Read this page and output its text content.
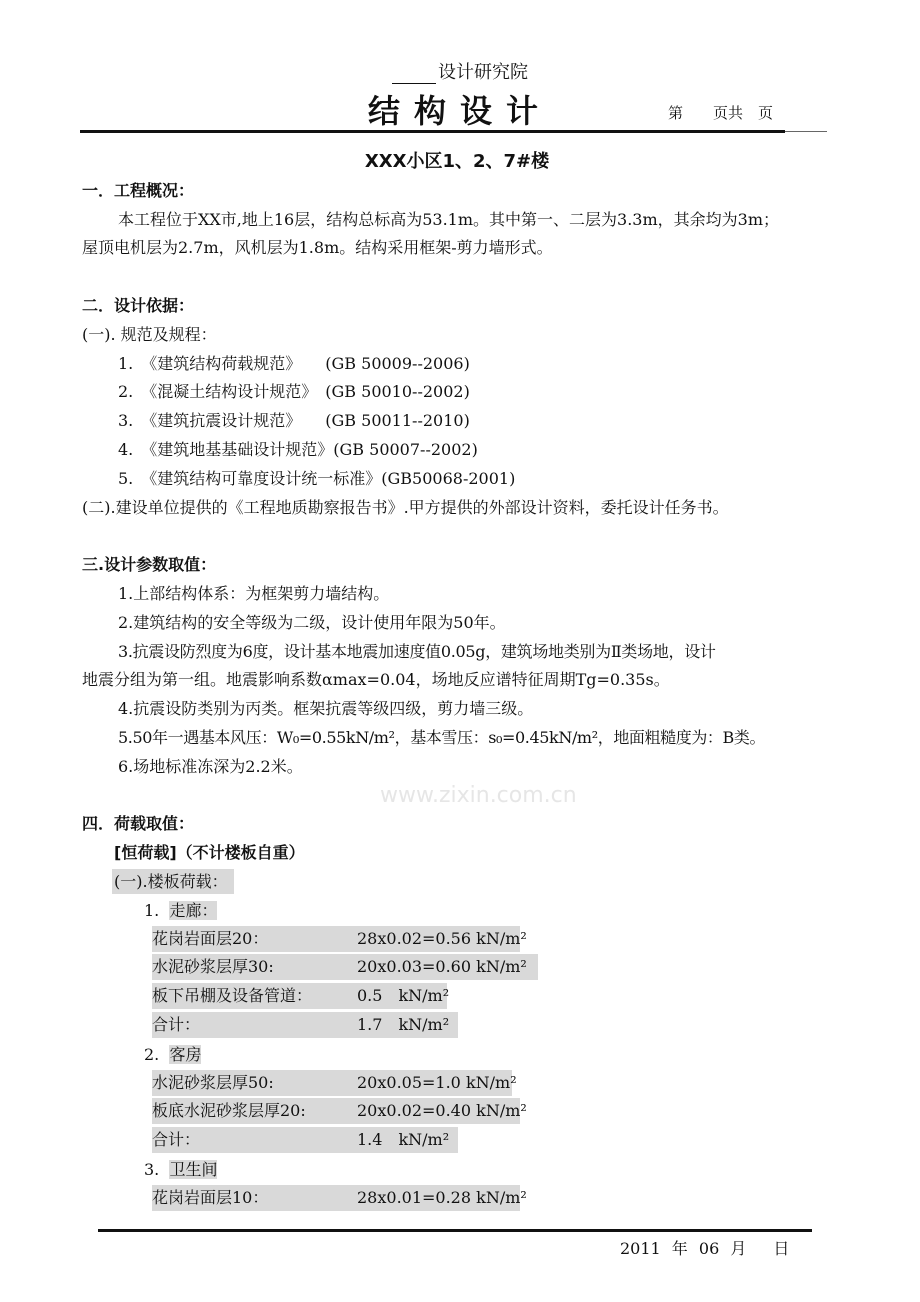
www.zixin.com.cn
设计研究院
结构设计	第　　页共　页
XXX小区1、2、7#楼
一．工程概况：
本工程位于XX市,地上16层，结构总标高为53.1m。其中第一、二层为3.3m，其余均为3m；
屋顶电机层为2.7m，风机层为1.8m。结构采用框架-剪力墙形式。
二．设计依据：
(一). 规范及规程：
1.　《建筑结构荷载规范》　　(GB 50009--2006)
2.　《混凝土结构设计规范》　(GB 50010--2002)
3.　《建筑抗震设计规范》　　(GB 50011--2010)
4.　《建筑地基基础设计规范》(GB 50007--2002)
5.　《建筑结构可靠度设计统一标准》(GB50068-2001)
(二).建设单位提供的《工程地质勘察报告书》.甲方提供的外部设计资料，委托设计任务书。
三.设计参数取值：
1.上部结构体系：为框架剪力墙结构。
2.建筑结构的安全等级为二级，设计使用年限为50年。
3.抗震设防烈度为6度，设计基本地震加速度值0.05g，建筑场地类别为Ⅱ类场地，设计
地震分组为第一组。地震影响系数αmax=0.04，场地反应谱特征周期Tg=0.35s。
4.抗震设防类别为丙类。框架抗震等级四级，剪力墙三级。
5.50年一遇基本风压：W₀=0.55kN/m²，基本雪压：s₀=0.45kN/m²，地面粗糙度为：B类。
6.场地标准冻深为2.2米。
四．荷载取值：
[恒荷载]（不计楼板自重）
(一).楼板荷载：
1. 走廊：
花岗岩面层20：	28x0.02=0.56 kN/m²
水泥砂浆层厚30:	20x0.03=0.60 kN/m²
板下吊棚及设备管道：	0.5　kN/m²
合计：	1.7　kN/m²
2. 客房
水泥砂浆层厚50:	20x0.05=1.0 kN/m²
板底水泥砂浆层厚20:	20x0.02=0.40 kN/m²
合计：	1.4　kN/m²
3. 卫生间
花岗岩面层10：	28x0.01=0.28 kN/m²
2011 年 06 月　 日
